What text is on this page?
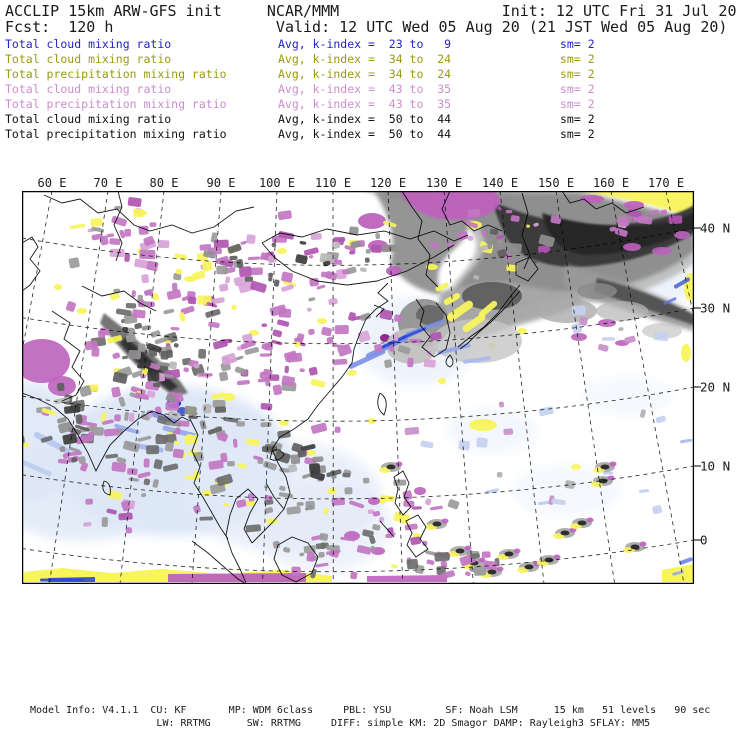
ACCLIP 15km ARW-GFS init     NCAR/MMM                  Init: 12 UTC Fri 31 Jul 20
Fcst:  120 h                  Valid: 12 UTC Wed 05 Aug 20 (21 JST Wed 05 Aug 20)
Total cloud mixing ratio	Avg, k-index =  23 to   9	sm= 2
Total cloud mixing ratio	Avg, k-index =  34 to  24	sm= 2
Total precipitation mixing ratio	Avg, k-index =  34 to  24	sm= 2
Total cloud mixing ratio	Avg, k-index =  43 to  35	sm= 2
Total precipitation mixing ratio	Avg, k-index =  43 to  35	sm= 2
Total cloud mixing ratio	Avg, k-index =  50 to  44	sm= 2
Total precipitation mixing ratio	Avg, k-index =  50 to  44	sm= 2
60 E 70 E 80 E 90 E 100 E 110 E 120 E 130 E 140 E 150 E 160 E 170 E
40 N
30 N
20 N
10 N
0
Model Info: V4.1.1  CU: KF       MP: WDM 6class     PBL: YSU         SF: Noah LSM      15 km   51 levels   90 sec
LW: RRTMG      SW: RRTMG     DIFF: simple KM: 2D Smagor DAMP: Rayleigh3 SFLAY: MM5
